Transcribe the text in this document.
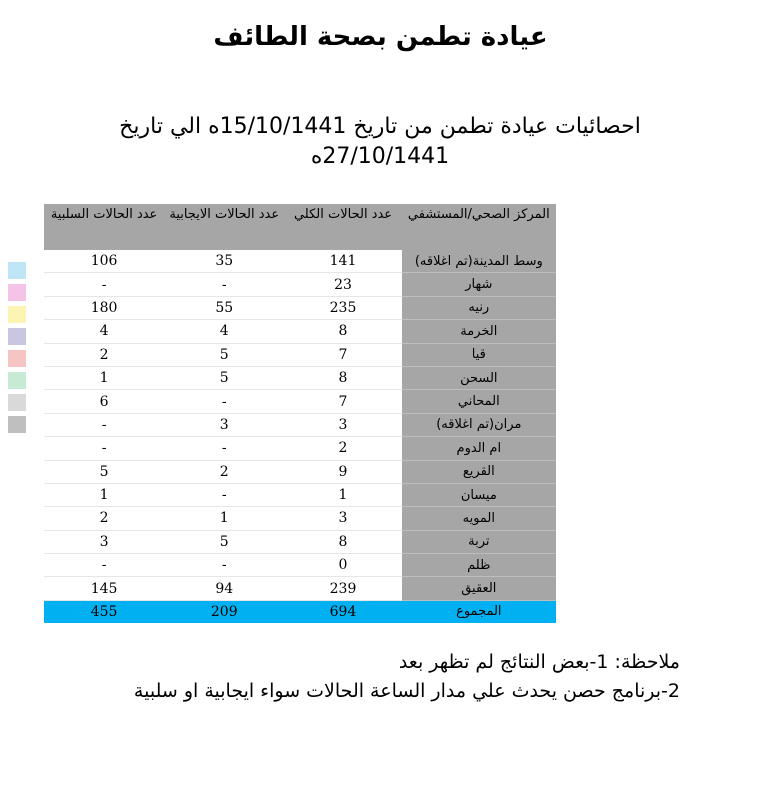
عيادة تطمن بصحة الطائف
احصائيات عيادة تطمن من تاريخ 15/10/1441ه الي تاريخ 27/10/1441ه
المركز الصحي/المستشفي	عدد الحالات الكلي	عدد الحالات الايجابية	عدد الحالات السلبية
وسط المدينة(تم اغلاقه)	141	35	106
شهار	23	-	-
رنيه	235	55	180
الخرمة	8	4	4
قيا	7	5	2
السحن	8	5	1
المحاني	7	-	6
مران(تم اغلاقه)	3	3	-
ام الدوم	2	-	-
القريع	9	2	5
ميسان	1	-	1
المويه	3	1	2
تربة	8	5	3
ظلم	0	-	-
العقيق	239	94	145
المجموع	694	209	455
ملاحظة: 1-بعض النتائج لم تظهر بعد
2-برنامج حصن يحدث علي مدار الساعة الحالات سواء ايجابية او سلبية
